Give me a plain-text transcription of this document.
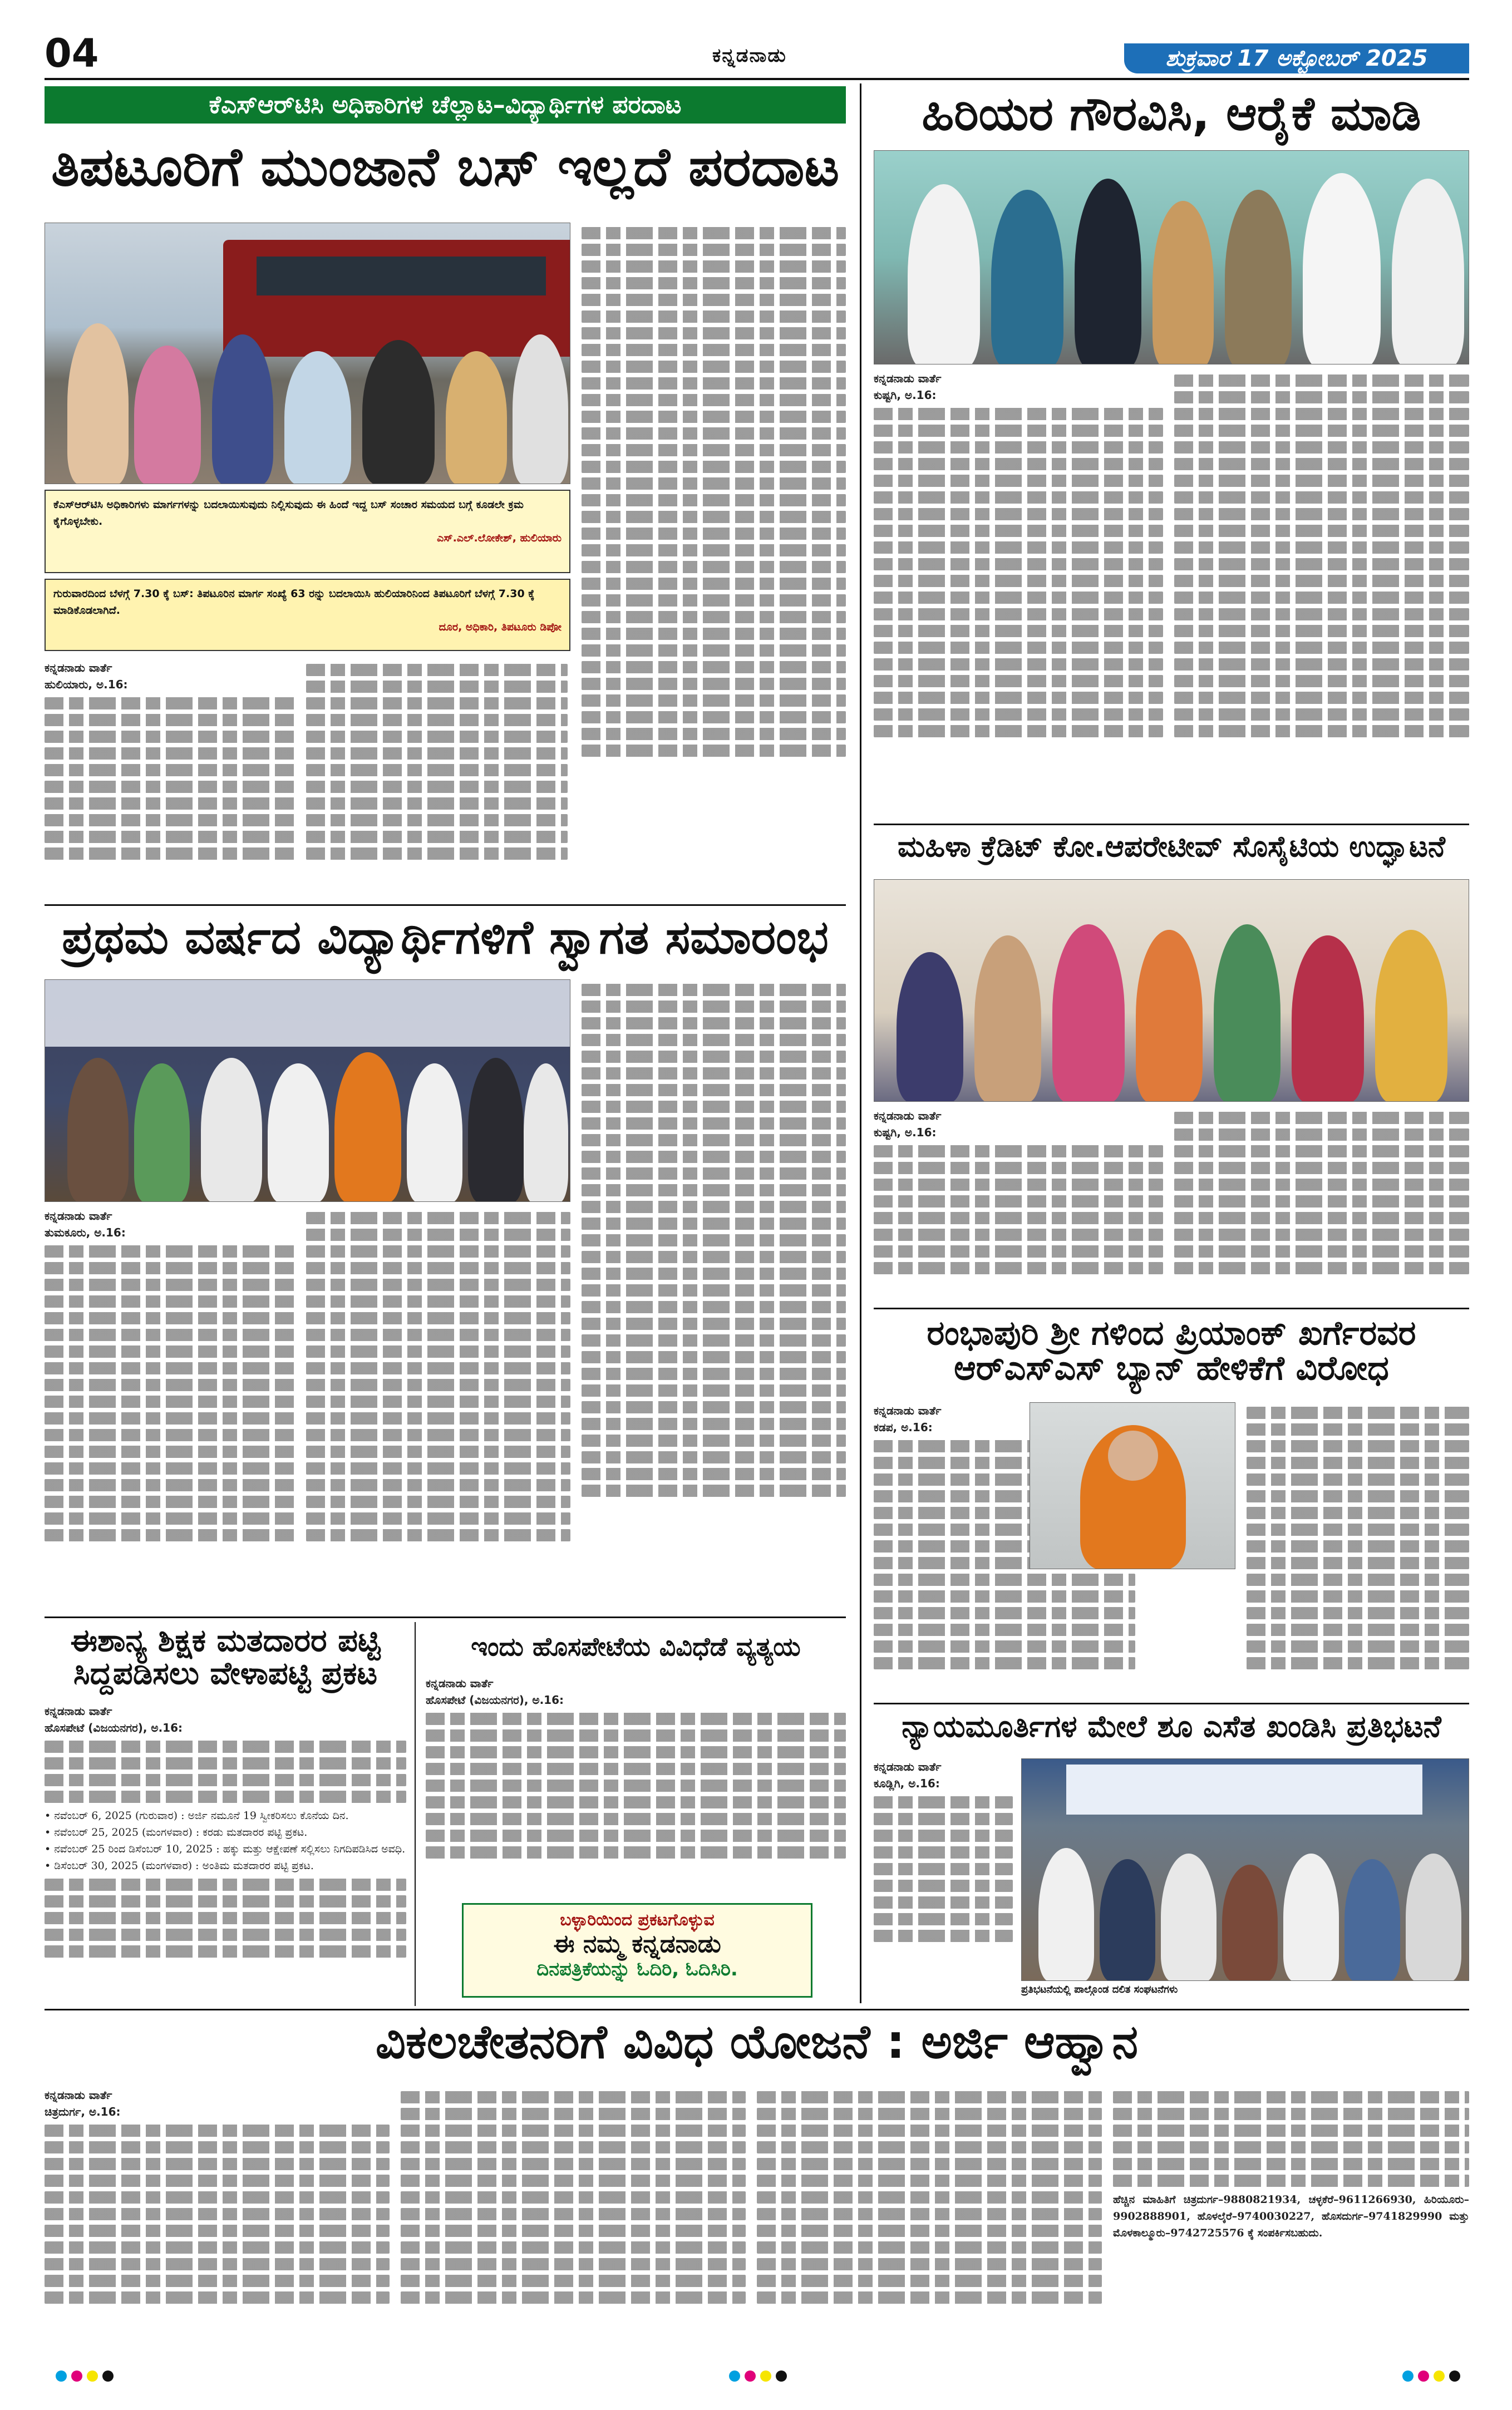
04	ಕನ್ನಡನಾಡು	ಶುಕ್ರವಾರ 17 ಅಕ್ಟೋಬರ್ 2025
ಕೆಎಸ್‌ಆರ್‌ಟಿಸಿ ಅಧಿಕಾರಿಗಳ ಚೆಲ್ಲಾಟ–ವಿದ್ಯಾರ್ಥಿಗಳ ಪರದಾಟ
ತಿಪಟೂರಿಗೆ ಮುಂಜಾನೆ ಬಸ್ ಇಲ್ಲದೆ ಪರದಾಟ
ಕೆಎಸ್‌ಆರ್‌ಟಿಸಿ ಅಧಿಕಾರಿಗಳು ಮಾರ್ಗಗಳನ್ನು ಬದಲಾಯಿಸುವುದು ನಿಲ್ಲಿಸುವುದು ಈ ಹಿಂದೆ ಇದ್ದ ಬಸ್ ಸಂಚಾರ ಸಮಯದ ಬಗ್ಗೆ ಕೂಡಲೇ ಕ್ರಮ ಕೈಗೊಳ್ಳಬೇಕು.
ಎಸ್.ಎಲ್.ಲೋಕೇಶ್, ಹುಲಿಯಾರು
ಗುರುವಾರದಿಂದ ಬೆಳಗ್ಗೆ 7.30 ಕ್ಕೆ ಬಸ್: ತಿಪಟೂರಿನ ಮಾರ್ಗ ಸಂಖ್ಯೆ 63 ರನ್ನು ಬದಲಾಯಿಸಿ ಹುಲಿಯಾರಿನಿಂದ ತಿಪಟೂರಿಗೆ ಬೆಳಗ್ಗೆ 7.30 ಕ್ಕೆ ಮಾಡಿಕೊಡಲಾಗಿದೆ.
ದೂರ, ಅಧಿಕಾರಿ, ತಿಪಟೂರು ಡಿಪೋ
ಕನ್ನಡನಾಡು ವಾರ್ತೆ
ಹುಲಿಯಾರು, ಅ.16:
ಹಿರಿಯರ ಗೌರವಿಸಿ, ಆರೈಕೆ ಮಾಡಿ
ಕನ್ನಡನಾಡು ವಾರ್ತೆ
ಕುಷ್ಟಗಿ, ಅ.16:
ಮಹಿಳಾ ಕ್ರೆಡಿಟ್ ಕೋ.ಆಪರೇಟೀವ್ ಸೊಸೈಟಿಯ ಉದ್ಘಾಟನೆ
ಕನ್ನಡನಾಡು ವಾರ್ತೆ
ಕುಷ್ಟಗಿ, ಅ.16:
ಪ್ರಥಮ ವರ್ಷದ ವಿದ್ಯಾರ್ಥಿಗಳಿಗೆ ಸ್ವಾಗತ ಸಮಾರಂಭ
ಕನ್ನಡನಾಡು ವಾರ್ತೆ
ತುಮಕೂರು, ಅ.16:
ರಂಭಾಪುರಿ ಶ್ರೀ ಗಳಿಂದ ಪ್ರಿಯಾಂಕ್ ಖರ್ಗೆರವರ ಆರ್‌ಎಸ್‌ಎಸ್ ಬ್ಯಾನ್ ಹೇಳಿಕೆಗೆ ವಿರೋಧ
ಕನ್ನಡನಾಡು ವಾರ್ತೆ
ಕಡಪ, ಅ.16:
ಈಶಾನ್ಯ ಶಿಕ್ಷಕ ಮತದಾರರ ಪಟ್ಟಿ ಸಿದ್ದಪಡಿಸಲು ವೇಳಾಪಟ್ಟಿ ಪ್ರಕಟ
ಕನ್ನಡನಾಡು ವಾರ್ತೆ
ಹೊಸಪೇಟೆ (ವಿಜಯನಗರ), ಅ.16:
• ನವೆಂಬರ್ 6, 2025 (ಗುರುವಾರ) : ಅರ್ಜಿ ನಮೂನೆ 19 ಸ್ವೀಕರಿಸಲು ಕೊನೆಯ ದಿನ.
• ನವೆಂಬರ್ 25, 2025 (ಮಂಗಳವಾರ) : ಕರಡು ಮತದಾರರ ಪಟ್ಟಿ ಪ್ರಕಟ.
• ನವೆಂಬರ್ 25 ರಿಂದ ಡಿಸೆಂಬರ್ 10, 2025 : ಹಕ್ಕು ಮತ್ತು ಆಕ್ಷೇಪಣೆ ಸಲ್ಲಿಸಲು ನಿಗದಿಪಡಿಸಿದ ಅವಧಿ.
• ಡಿಸೆಂಬರ್ 30, 2025 (ಮಂಗಳವಾರ) : ಅಂತಿಮ ಮತದಾರರ ಪಟ್ಟಿ ಪ್ರಕಟ.
ಇಂದು ಹೊಸಪೇಟೆಯ ವಿವಿಧೆಡೆ ವ್ಯತ್ಯಯ
ಕನ್ನಡನಾಡು ವಾರ್ತೆ
ಹೊಸಪೇಟೆ (ವಿಜಯನಗರ), ಅ.16:
ಬಳ್ಳಾರಿಯಿಂದ ಪ್ರಕಟಗೊಳ್ಳುವ
ಈ ನಮ್ಮ ಕನ್ನಡನಾಡು
ದಿನಪತ್ರಿಕೆಯನ್ನು ಓದಿರಿ, ಓದಿಸಿರಿ.
ನ್ಯಾಯಮೂರ್ತಿಗಳ ಮೇಲೆ ಶೂ ಎಸೆತ ಖಂಡಿಸಿ ಪ್ರತಿಭಟನೆ
ಕನ್ನಡನಾಡು ವಾರ್ತೆ
ಕೂಡ್ಲಿಗಿ, ಅ.16:
ಪ್ರತಿಭಟನೆಯಲ್ಲಿ ಪಾಲ್ಗೊಂಡ ದಲಿತ ಸಂಘಟನೆಗಳು
ವಿಕಲಚೇತನರಿಗೆ ವಿವಿಧ ಯೋಜನೆ : ಅರ್ಜಿ ಆಹ್ವಾನ
ಕನ್ನಡನಾಡು ವಾರ್ತೆ
ಚಿತ್ರದುರ್ಗ, ಅ.16:
ಹೆಚ್ಚಿನ ಮಾಹಿತಿಗೆ ಚಿತ್ರದುರ್ಗ–9880821934, ಚಳ್ಳಕೆರೆ–9611266930, ಹಿರಿಯೂರು–9902888901, ಹೊಳಲ್ಕೆರೆ–9740030227, ಹೊಸದುರ್ಗ–9741829990 ಮತ್ತು ಮೊಳಕಾಲ್ಮೂರು–9742725576 ಕ್ಕೆ ಸಂಪರ್ಕಿಸಬಹುದು.
